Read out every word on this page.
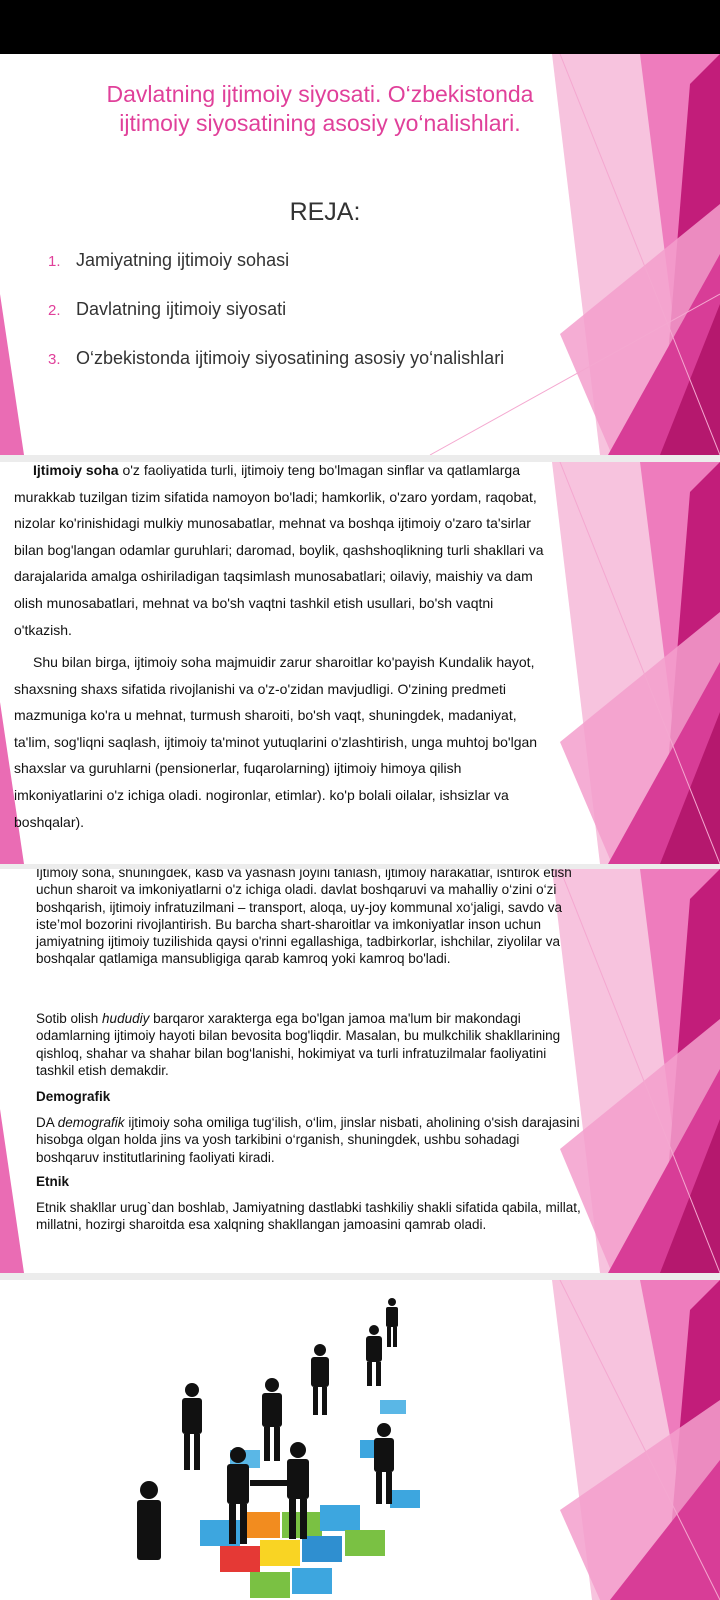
Davlatning ijtimoiy siyosati. O‘zbekistonda
ijtimoiy siyosatining asosiy yo‘nalishlari.
REJA:
1. Jamiyatning ijtimoiy sohasi
2. Davlatning ijtimoiy siyosati
3. O‘zbekistonda ijtimoiy siyosatining asosiy yo‘nalishlari
Ijtimoiy soha o'z faoliyatida turli, ijtimoiy teng bo'lmagan sinflar va qatlamlarga murakkab tuzilgan tizim sifatida namoyon bo'ladi; hamkorlik, o'zaro yordam, raqobat, nizolar ko'rinishidagi mulkiy munosabatlar, mehnat va boshqa ijtimoiy o'zaro ta'sirlar bilan bog'langan odamlar guruhlari; daromad, boylik, qashshoqlikning turli shakllari va darajalarida amalga oshiriladigan taqsimlash munosabatlari; oilaviy, maishiy va dam olish munosabatlari, mehnat va bo'sh vaqtni tashkil etish usullari, bo'sh vaqtni o'tkazish.
Shu bilan birga, ijtimoiy soha majmuidir zarur sharoitlar ko'payish Kundalik hayot, shaxsning shaxs sifatida rivojlanishi va o'z-o'zidan mavjudligi. O'zining predmeti mazmuniga ko'ra u mehnat, turmush sharoiti, bo'sh vaqt, shuningdek, madaniyat, ta'lim, sog'liqni saqlash, ijtimoiy ta'minot yutuqlarini o'zlashtirish, unga muhtoj bo'lgan shaxslar va guruhlarni (pensionerlar, fuqarolarning) ijtimoiy himoya qilish imkoniyatlarini o'z ichiga oladi. nogironlar, etimlar). ko'p bolali oilalar, ishsizlar va boshqalar).
Ijtimoiy soha, shuningdek, kasb va yashash joyini tanlash, ijtimoiy harakatlar, ishtirok etish uchun sharoit va imkoniyatlarni o'z ichiga oladi. davlat boshqaruvi va mahalliy o‘zini o‘zi boshqarish, ijtimoiy infratuzilmani – transport, aloqa, uy-joy kommunal xo‘jaligi, savdo va iste’mol bozorini rivojlantirish. Bu barcha shart-sharoitlar va imkoniyatlar inson uchun jamiyatning ijtimoiy tuzilishida qaysi o'rinni egallashiga, tadbirkorlar, ishchilar, ziyolilar va boshqalar qatlamiga mansubligiga qarab kamroq yoki kamroq bo'ladi.
Sotib olish hududiy barqaror xarakterga ega bo'lgan jamoa ma'lum bir makondagi odamlarning ijtimoiy hayoti bilan bevosita bog'liqdir. Masalan, bu mulkchilik shakllarining qishloq, shahar va shahar bilan bog‘lanishi, hokimiyat va turli infratuzilmalar faoliyatini tashkil etish demakdir.
Demografik
DA demografik ijtimoiy soha omiliga tug‘ilish, o‘lim, jinslar nisbati, aholining o'sish darajasini hisobga olgan holda jins va yosh tarkibini o‘rganish, shuningdek, ushbu sohadagi boshqaruv institutlarining faoliyati kiradi.
Etnik
Etnik shakllar urug`dan boshlab, Jamiyatning dastlabki tashkiliy shakli sifatida qabila, millat, millatni, hozirgi sharoitda esa xalqning shakllangan jamoasini qamrab oladi.
